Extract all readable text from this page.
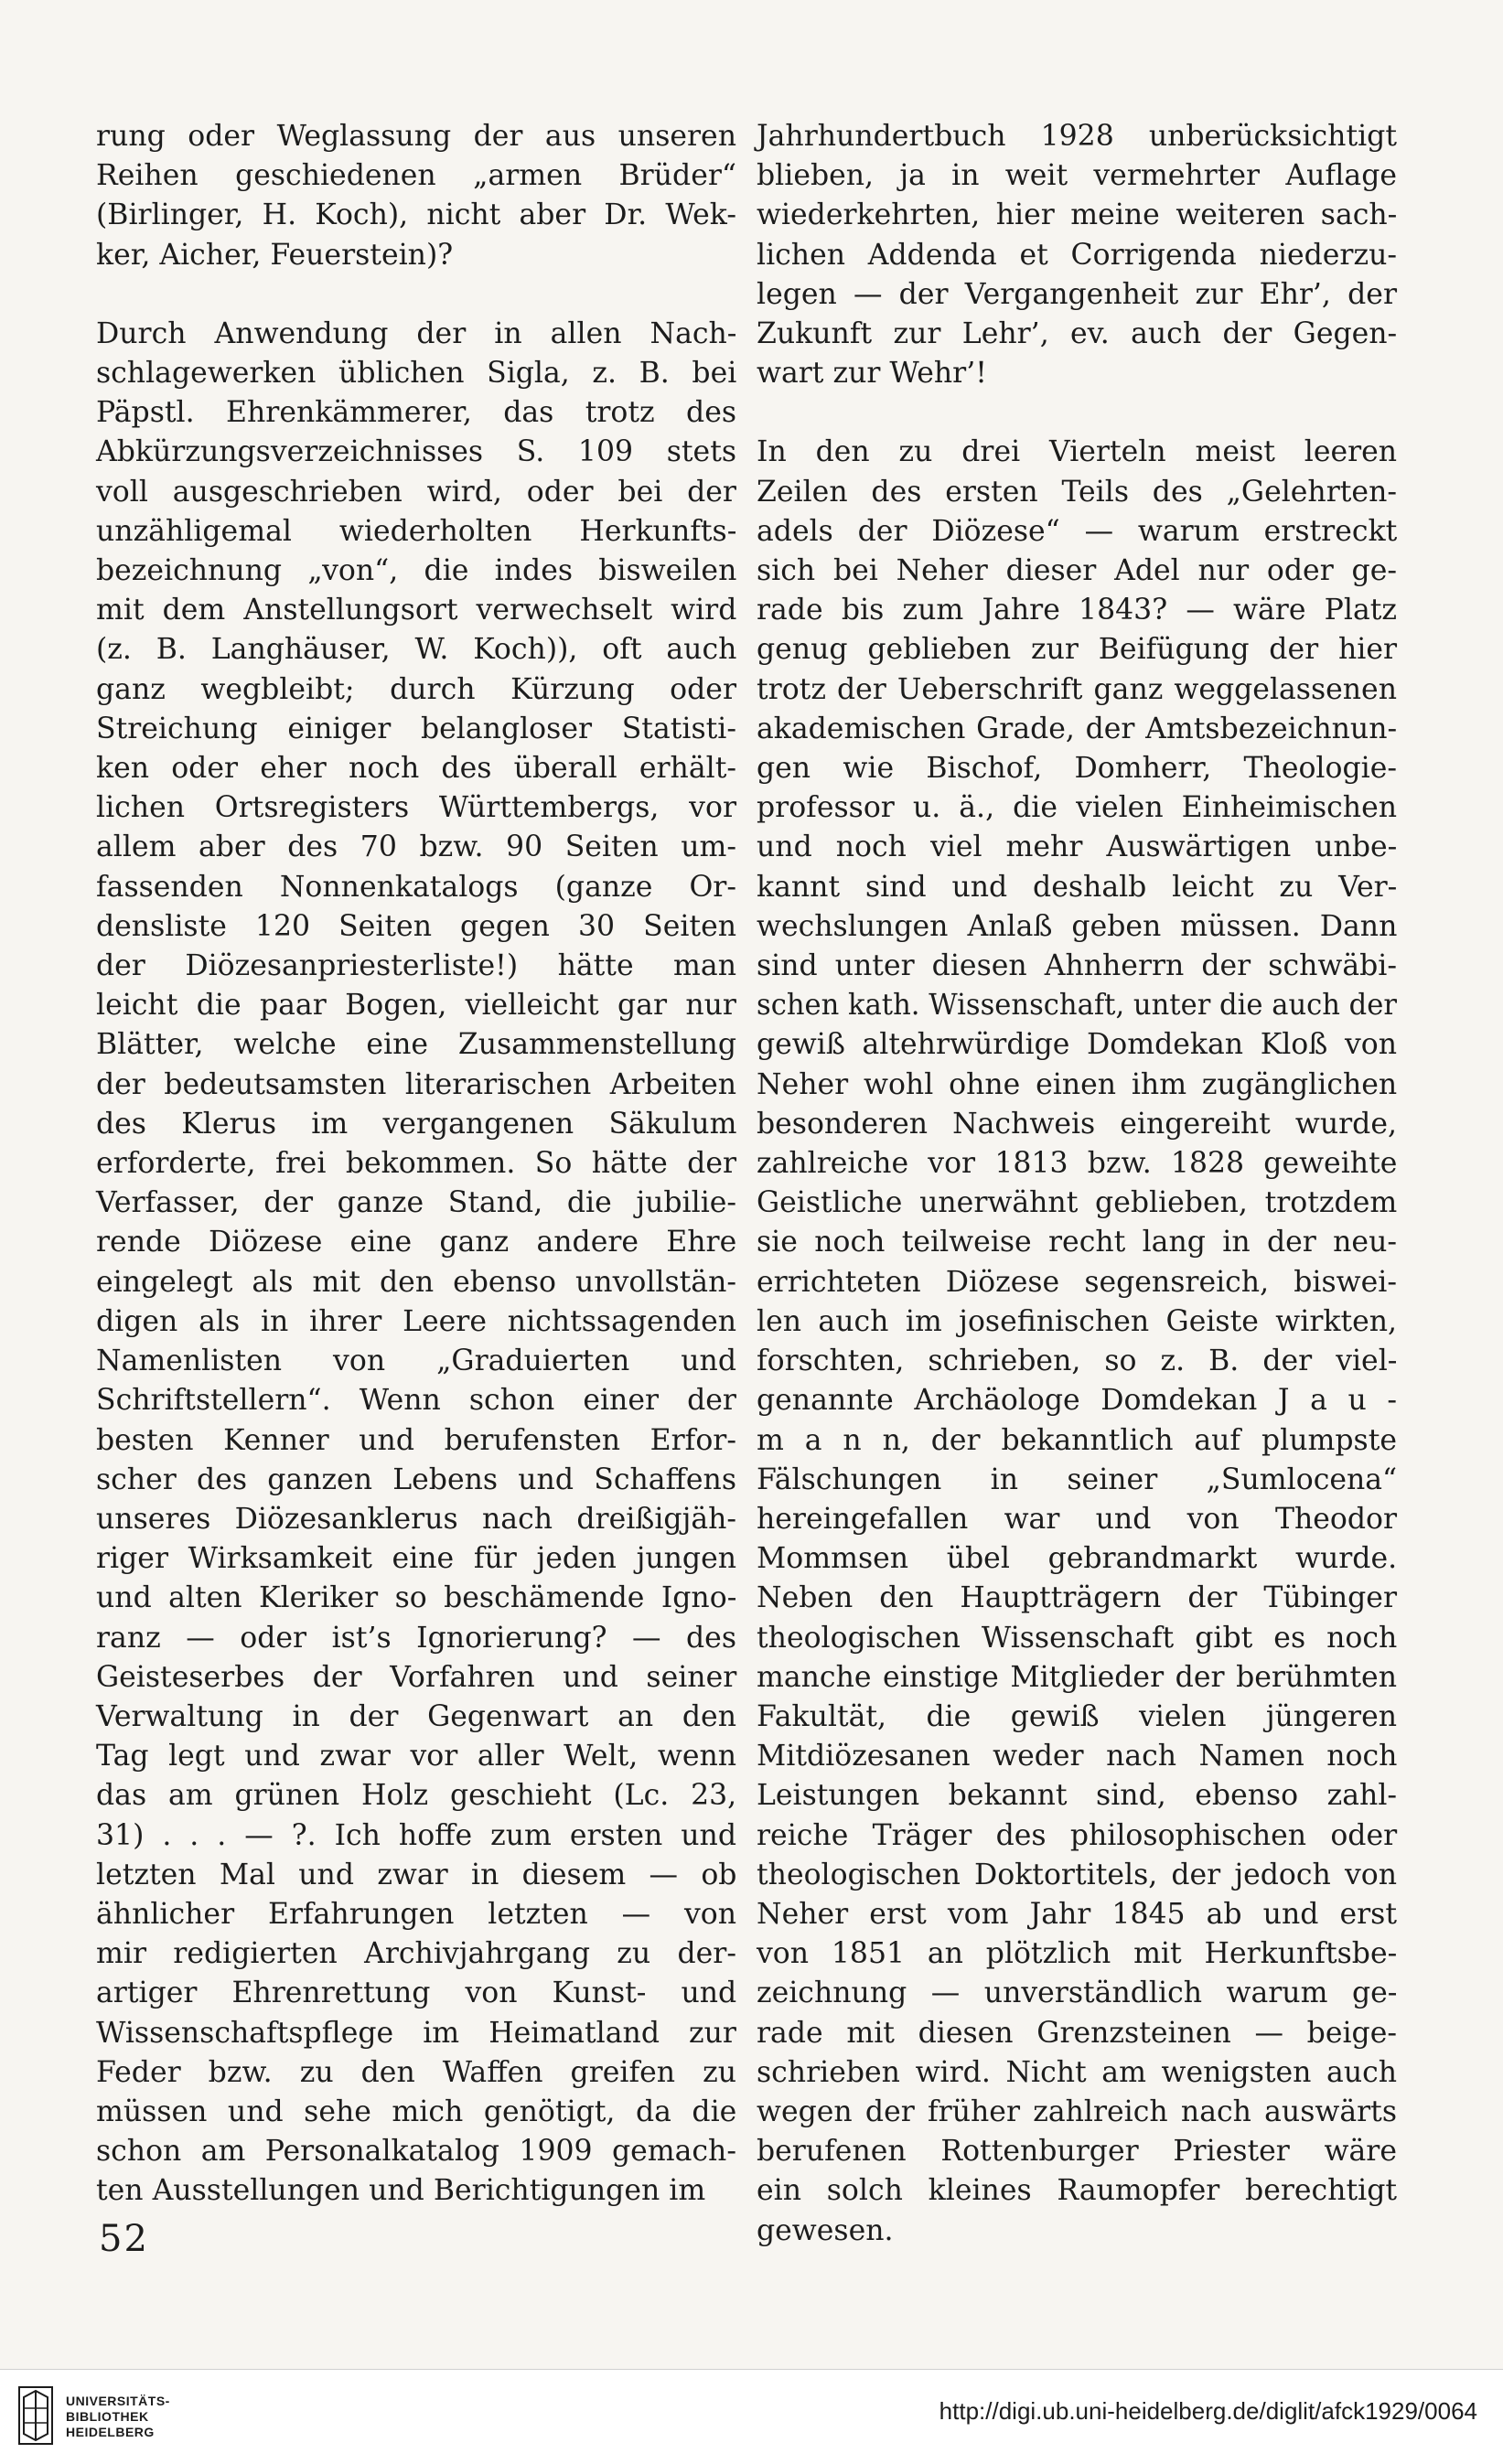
rung oder Weglassung der aus unseren
Reihen geschiedenen „armen Brüder“
(Birlinger, H. Koch), nicht aber Dr. Wek-
ker, Aicher, Feuerstein)?

Durch Anwendung der in allen Nach-
schlagewerken üblichen Sigla, z. B. bei
Päpstl. Ehrenkämmerer, das trotz des
Abkürzungsverzeichnisses S. 109 stets
voll ausgeschrieben wird, oder bei der
unzähligemal wiederholten Herkunfts-
bezeichnung „von“, die indes bisweilen
mit dem Anstellungsort verwechselt wird
(z. B. Langhäuser, W. Koch)), oft auch
ganz wegbleibt; durch Kürzung oder
Streichung einiger belangloser Statisti-
ken oder eher noch des überall erhält-
lichen Ortsregisters Württembergs, vor
allem aber des 70 bzw. 90 Seiten um-
fassenden Nonnenkatalogs (ganze Or-
densliste 120 Seiten gegen 30 Seiten
der Diözesanpriesterliste!) hätte man
leicht die paar Bogen, vielleicht gar nur
Blätter, welche eine Zusammenstellung
der bedeutsamsten literarischen Arbeiten
des Klerus im vergangenen Säkulum
erforderte, frei bekommen. So hätte der
Verfasser, der ganze Stand, die jubilie-
rende Diözese eine ganz andere Ehre
eingelegt als mit den ebenso unvollstän-
digen als in ihrer Leere nichtssagenden
Namenlisten von „Graduierten und
Schriftstellern“. Wenn schon einer der
besten Kenner und berufensten Erfor-
scher des ganzen Lebens und Schaffens
unseres Diözesanklerus nach dreißigjäh-
riger Wirksamkeit eine für jeden jungen
und alten Kleriker so beschämende Igno-
ranz — oder ist’s Ignorierung? — des
Geisteserbes der Vorfahren und seiner
Verwaltung in der Gegenwart an den
Tag legt und zwar vor aller Welt, wenn
das am grünen Holz geschieht (Lc. 23,
31) . . . — ?. Ich hoffe zum ersten und
letzten Mal und zwar in diesem — ob
ähnlicher Erfahrungen letzten — von
mir redigierten Archivjahrgang zu der-
artiger Ehrenrettung von Kunst- und
Wissenschaftspflege im Heimatland zur
Feder bzw. zu den Waffen greifen zu
müssen und sehe mich genötigt, da die
schon am Personalkatalog 1909 gemach-
ten Ausstellungen und Berichtigungen im

Jahrhundertbuch 1928 unberücksichtigt
blieben, ja in weit vermehrter Auflage
wiederkehrten, hier meine weiteren sach-
lichen Addenda et Corrigenda niederzu-
legen — der Vergangenheit zur Ehr’, der
Zukunft zur Lehr’, ev. auch der Gegen-
wart zur Wehr’!

In den zu drei Vierteln meist leeren
Zeilen des ersten Teils des „Gelehrten-
adels der Diözese“ — warum erstreckt
sich bei Neher dieser Adel nur oder ge-
rade bis zum Jahre 1843? — wäre Platz
genug geblieben zur Beifügung der hier
trotz der Ueberschrift ganz weggelassenen
akademischen Grade, der Amtsbezeichnun-
gen wie Bischof, Domherr, Theologie-
professor u. ä., die vielen Einheimischen
und noch viel mehr Auswärtigen unbe-
kannt sind und deshalb leicht zu Ver-
wechslungen Anlaß geben müssen. Dann
sind unter diesen Ahnherrn der schwäbi-
schen kath. Wissenschaft, unter die auch der
gewiß altehrwürdige Domdekan Kloß von
Neher wohl ohne einen ihm zugänglichen
besonderen Nachweis eingereiht wurde,
zahlreiche vor 1813 bzw. 1828 geweihte
Geistliche unerwähnt geblieben, trotzdem
sie noch teilweise recht lang in der neu-
errichteten Diözese segensreich, biswei-
len auch im josefinischen Geiste wirkten,
forschten, schrieben, so z. B. der viel-
genannte Archäologe Domdekan J a u -
m a n n, der bekanntlich auf plumpste
Fälschungen in seiner „Sumlocena“
hereingefallen war und von Theodor
Mommsen übel gebrandmarkt wurde.
Neben den Hauptträgern der Tübinger
theologischen Wissenschaft gibt es noch
manche einstige Mitglieder der berühmten
Fakultät, die gewiß vielen jüngeren
Mitdiözesanen weder nach Namen noch
Leistungen bekannt sind, ebenso zahl-
reiche Träger des philosophischen oder
theologischen Doktortitels, der jedoch von
Neher erst vom Jahr 1845 ab und erst
von 1851 an plötzlich mit Herkunftsbe-
zeichnung — unverständlich warum ge-
rade mit diesen Grenzsteinen — beige-
schrieben wird. Nicht am wenigsten auch
wegen der früher zahlreich nach auswärts
berufenen Rottenburger Priester wäre
ein solch kleines Raumopfer berechtigt
gewesen.

52
UNIVERSITÄTS-
BIBLIOTHEK
HEIDELBERG
http://digi.ub.uni-heidelberg.de/diglit/afck1929/0064
